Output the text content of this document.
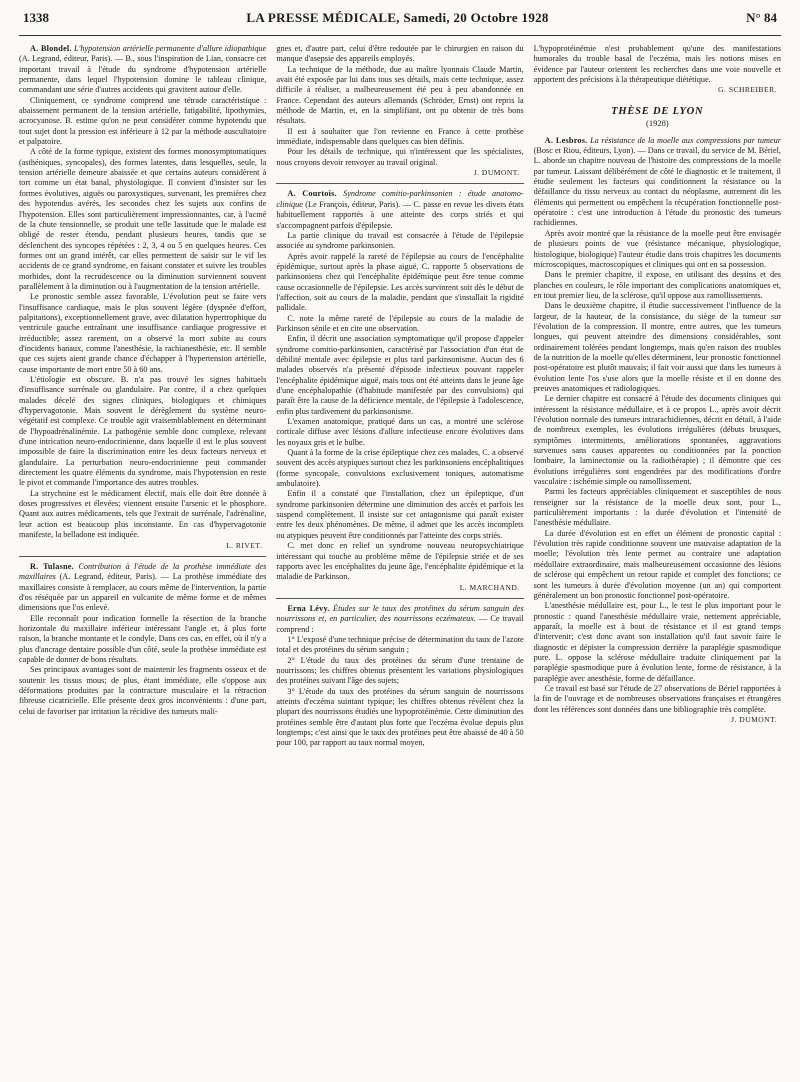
1338	LA PRESSE MÉDICALE, Samedi, 20 Octobre 1928	N° 84

A. Blondel. L'hypotension artérielle permanente d'allure idiopathique (A. Legrand, éditeur, Paris). — B., sous l'inspiration de Lian, consacre cet important travail à l'étude du syndrome d'hypotension artérielle permanente, dans lequel l'hypotension domine le tableau clinique, commandant une série d'autres accidents qui gravitent autour d'elle.

Cliniquement, ce syndrome comprend une tétrade caractéristique : abaissement permanent de la tension artérielle, fatigabilité, lipothymies, acrocyanose. B. estime qu'on ne peut considérer comme hypotendu que tout sujet dont la pression est inférieure à 12 par la méthode auscultatoire et palpatoire.

A côté de la forme typique, existent des formes monosymptomatiques (asthéniques, syncopales), des formes latentes, dans lesquelles, seule, la tension artérielle demeure abaissée et que certains auteurs considèrent à tort comme un état banal, physiologique. Il convient d'insister sur les formes évolutives, aiguës ou paroxystiques, survenant, les premières chez des hypotendus avérés, les secondes chez les sujets aux confins de l'hypotension. Elles sont particulièrement impressionnantes, car, à l'acmé de la chute tensionnelle, se produit une telle lassitude que le malade est obligé de rester étendu, pendant plusieurs heures, tandis que se déclenchent des syncopes répétées : 2, 3, 4 ou 5 en quelques heures. Ces formes ont un grand intérêt, car elles permettent de saisir sur le vif les accidents de ce grand syndrome, en faisant constater et suivre les troubles morbides, dont la recrudescence ou la diminution surviennent souvent parallèlement à la diminution ou à l'augmentation de la tension artérielle.

Le pronostic semble assez favorable, L'évolution peut se faire vers l'insuffisance cardiaque, mais le plus souvent légère (dyspnée d'effort, palpitations), exceptionnellement grave, avec dilatation hypertrophique du ventricule gauche entraînant une insuffisance cardiaque progressive et irréductible; assez rarement, on a observé la mort subite au cours d'incidents banaux, comme l'anesthésie, la rachianesthésie, etc. Il semble que ces sujets aient grande chance d'échapper à l'hypertension artérielle, cause importante de mort entre 50 à 60 ans.

L'étiologie est obscure. B. n'a pas trouvé les signes habituels d'insuffisance surrénale ou glandulaire. Par contre, il a chez quelques malades décelé des signes cliniques, biologiques et chimiques d'hypervagotonie. Mais souvent le dérèglement du système neuro-végétatif est complexe. Ce trouble agit vraisemblablement en déterminant de l'hypoadrénalinémie. La pathogénie semble donc complexe, relevant d'une intrication neuro-endocrinienne, dans laquelle il est le plus souvent impossible de faire la discrimination entre les deux facteurs nerveux et glandulaire. La perturbation neuro-endocrinienne peut commander directement les quatre éléments du syndrome, mais l'hypotension en reste le pivot et commande l'importance des autres troubles.

La strychnine est le médicament électif, mais elle doit être donnée à doses progressives et élevées; viennent ensuite l'arsenic et le phosphore. Quant aux autres médicaments, tels que l'extrait de surrénale, l'adrénaline, leur action est beaucoup plus inconstante. En cas d'hypervagotonie manifeste, la belladone est indiquée.

L. RIVET.

R. Tulasne. Contribution à l'étude de la prothèse immédiate des maxillaires (A. Legrand, éditeur, Paris). — La prothèse immédiate des maxillaires consiste à remplacer, au cours même de l'intervention, la partie d'os réséquée par un appareil en vulcanite de même forme et de mêmes dimensions que l'os enlevé.

Elle reconnaît pour indication formelle la résection de la branche horizontale du maxillaire inférieur intéressant l'angle et, à plus forte raison, la branche montante et le condyle. Dans ces cas, en effet, où il n'y a plus d'ancrage dentaire possible d'un côté, seule la prothèse immédiate est capable de donner de bons résultats.

Ses principaux avantages sont de maintenir les fragments osseux et de soutenir les tissus mous; de plus, étant immédiate, elle s'oppose aux déformations produites par la contracture musculaire et la rétraction fibreuse cicatricielle. Elle présente deux gros inconvénients : d'une part, celui de favoriser par irritation la récidive des tumeurs mali-

gnes et, d'autre part, celui d'être redoutée par le chirurgien en raison du manque d'asepsie des appareils employés.

La technique de la méthode, due au maître lyonnais Claude Martin, avait été exposée par lui dans tous ses détails, mais cette technique, assez difficile à réaliser, a malheureusement été peu à peu abandonnée en France. Cependant des auteurs allemands (Schröder, Ernst) ont repris la méthode de Martin, et, en la simplifiant, ont pu obtenir de très bons résultats.

Il est à souhaiter que l'on revienne en France à cette prothèse immédiate, indispensable dans quelques cas bien définis.

Pour les détails de technique, qui n'intéressent que les spécialistes, nous croyons devoir renvoyer au travail original.

J. DUMONT.

A. Courtois. Syndrome comitio-parkinsonien : étude anatomo-clinique (Le François, éditeur, Paris). — C. passe en revue les divers états habituellement rapportés à une atteinte des corps striés et qui s'accompagnent parfois d'épilepsie.

La partie clinique du travail est consacrée à l'étude de l'épilepsie associée au syndrome parkinsonien.

Après avoir rappelé la rareté de l'épilepsie au cours de l'encéphalite épidémique, surtout après la phase aiguë, C. rapporte 5 observations de parkinsoniens chez qui l'encéphalite épidémique peut être tenue comme cause occasionnelle de l'épilepsie. Les accès survinrent soit dès le début de l'affection, soit au cours de la maladie, pendant que s'installait la rigidité pallidale.

C. note la même rareté de l'épilepsie au cours de la maladie de Parkinson sénile et en cite une observation.

Enfin, il décrit une association symptomatique qu'il propose d'appeler syndrome comitio-parkinsonien, caractérisé par l'association d'un état de débilité mentale avec épilepsie et plus tard parkinsonisme. Aucun des 6 malades observés n'a présenté d'épisode infectieux pouvant rappeler l'encéphalite épidémique aiguë, mais tous ont été atteints dans le jeune âge d'une encéphalopathie (d'habitude manifestée par des convulsions) qui paraît être la cause de la déficience mentale, de l'épilepsie à l'adolescence, enfin plus tardivement du parkinsonisme.

L'examen anatomique, pratiqué dans un cas, a montré une sclérose corticale diffuse avec lésions d'allure infectieuse encore évolutives dans les noyaux gris et le bulbe.

Quant à la forme de la crise épileptique chez ces malades, C. a observé souvent des accès atypiques surtout chez les parkinsoniens encéphalitiques (forme syncopale, convulsions exclusivement toniques, automatisme ambulatoire).

Enfin il a constaté que l'installation, chez un épileptique, d'un syndrome parkinsonien détermine une diminution des accès et parfois les suspend complètement. Il insiste sur cet antagonisme qui paraît exister entre les deux phénomènes. De même, il admet que les accès incomplets ou atypiques peuvent être conditionnés par l'atteinte des corps striés.

C. met donc en relief un syndrome nouveau neuropsychiatrique intéressant qui touche au problème même de l'épilepsie striée et de ses rapports avec les encéphalites du jeune âge, l'encéphalite épidémique et la maladie de Parkinson.

L. MARCHAND.

Erna Lévy. Études sur le taux des protéines du sérum sanguin des nourrissons et, en particulier, des nourrissons eczémateux. — Ce travail comprend :

1° L'exposé d'une technique précise de détermination du taux de l'azote total et des protéines du sérum sanguin ;

2° L'étude du taux des protéines du sérum d'une trentaine de nourrissons; les chiffres obtenus présentent les variations physiologiques des protéines suivant l'âge des sujets;

3° L'étude du taux des protéines du sérum sanguin de nourrissons atteints d'eczéma suintant typique; les chiffres obtenus révèlent chez la plupart des nourrissons étudiés une hypoprotéinémie. Cette diminution des protéines semble être d'autant plus forte que l'eczéma évolue depuis plus longtemps; c'est ainsi que le taux des protéines peut être abaissé de 40 à 50 pour 100, par rapport au taux normal moyen,

L'hypoprotéinémie n'est probablement qu'une des manifestations humorales du trouble basal de l'eczéma, mais les notions mises en évidence par l'auteur orientent les recherches dans une voie nouvelle et apportent des précisions à la thérapeutique diététique.

G. SCHREIBER.
THÈSE DE LYON
(1928)

A. Lesbros. La résistance de la moelle aux compressions par tumeur (Bosc et Riou, éditeurs, Lyon). — Dans ce travail, du service de M. Bériel, L. aborde un chapitre nouveau de l'histoire des compressions de la moelle par tumeur. Laissant délibérément de côté le diagnostic et le traitement, il étudie seulement les facteurs qui conditionnent la résistance ou la défaillance du tissu nerveux au contact du néoplasme, autrement dit les éléments qui permettent ou empêchent la récupération fonctionnelle post-opératoire : c'est une introduction à l'étude du pronostic des tumeurs rachidiennes.

Après avoir montré que la résistance de la moelle peut être envisagée de plusieurs points de vue (résistance mécanique, physiologique, histologique, biologique) l'auteur étudie dans trois chapitres les documents microscopiques, macroscopiques et cliniques qui ont en sa possession.

Dans le premier chapitre, il expose, en utilisant des dessins et des planches en couleurs, le rôle important des complications anatomiques et, en tout premier lieu, de la sclérose, qu'il oppose aux ramollissements.

Dans le deuxième chapitre, il étudie successivement l'influence de la largeur, de la hauteur, de la consistance, du siège de la tumeur sur l'évolution de la compression. Il montre, entre autres, que les tumeurs longues, qui peuvent atteindre des dimensions considérables, sont ordinairement tolérées pendant longtemps, mais qu'en raison des troubles de la nutrition de la moelle qu'elles déterminent, leur pronostic fonctionnel post-opératoire est plutôt mauvais; il fait voir aussi que dans les tumeurs à évolution lente l'os s'use alors que la moelle résiste et il en donne des preuves anatomiques et radiologiques.

Le dernier chapitre est consacré à l'étude des documents cliniques qui intéressent la résistance médullaire, et à ce propos L., après avoir décrit l'évolution normale des tumeurs intrarachidiennes, décrit en détail, à l'aide de nombreux exemples, les évolutions irrégulières (débuts brusques, symptômes intermittents, améliorations spontanées, aggravations survenues sans causes apparentes ou conditionnées par la ponction lombaire, la laminectomie ou la radiothérapie) ; il démontre que ces évolutions irrégulières sont engendrées par des modifications d'ordre vasculaire : ischémie simple ou ramollissement.

Parmi les facteurs appréciables cliniquement et susceptibles de nous renseigner sur la résistance de la moelle deux sont, pour L., particulièrement importants : la durée d'évolution et l'intensité de l'anesthésie médullaire.

La durée d'évolution est en effet un élément de pronostic capital : l'évolution très rapide conditionne souvent une mauvaise adaptation de la moelle; l'évolution très lente permet au contraire une adaptation médullaire extraordinaire, mais malheureusement occasionne des lésions de sclérose qui empêchent un retour rapide et complet des fonctions; ce sont les tumeurs à durée d'évolution moyenne (un an) qui comportent généralement un bon pronostic fonctionnel post-opératoire.

L'anesthésie médullaire est, pour L., le test le plus important pour le pronostic : quand l'anesthésie médullaire vraie, nettement appréciable, apparaît, la moelle est à bout de résistance et il est grand temps d'intervenir; c'est donc avant son installation qu'il faut savoir faire le diagnostic et dépister la compression derrière la paraplégie spasmodique pure. L. oppose la sclérose médullaire traduite cliniquement par la paraplégie spasmodique pure à évolution lente, forme de résistance, à la paraplégie avec anesthésie, forme de défaillance.

Ce travail est basé sur l'étude de 27 observations de Bériel rapportées à la fin de l'ouvrage et de nombreuses observations françaises et étrangères dont les références sont données dans une bibliographie très complète.

J. DUMONT.
